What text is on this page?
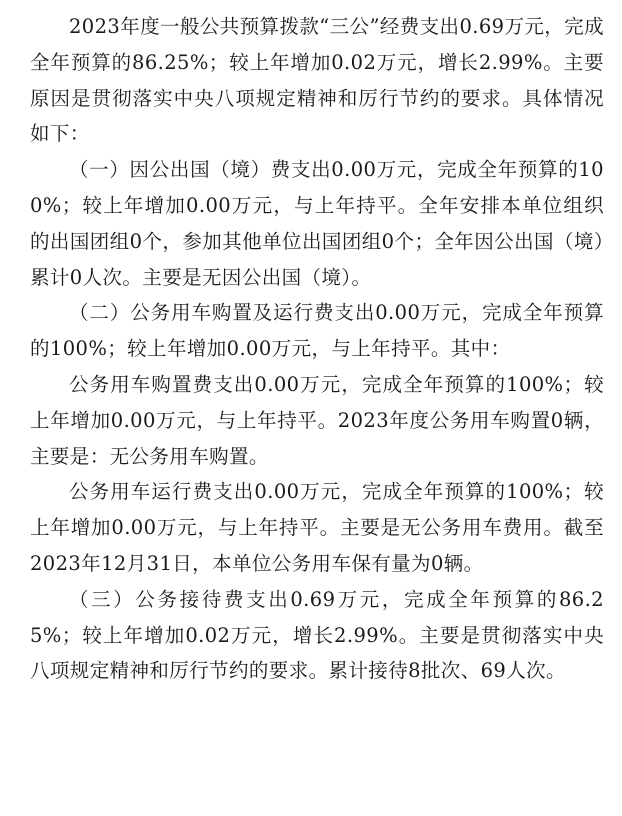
2023年度一般公共预算拨款“三公”经费支出0.69万元，完成全年预算的86.25%；较上年增加0.02万元，增长2.99%。主要原因是贯彻落实中央八项规定精神和厉行节约的要求。具体情况如下：

（一）因公出国（境）费支出0.00万元，完成全年预算的100%；较上年增加0.00万元，与上年持平。全年安排本单位组织的出国团组0个，参加其他单位出国团组0个；全年因公出国（境）累计0人次。主要是无因公出国（境）。

（二）公务用车购置及运行费支出0.00万元，完成全年预算的100%；较上年增加0.00万元，与上年持平。其中：

公务用车购置费支出0.00万元，完成全年预算的100%；较上年增加0.00万元，与上年持平。2023年度公务用车购置0辆，主要是：无公务用车购置。

公务用车运行费支出0.00万元，完成全年预算的100%；较上年增加0.00万元，与上年持平。主要是无公务用车费用。截至2023年12月31日，本单位公务用车保有量为0辆。

（三）公务接待费支出0.69万元，完成全年预算的86.25%；较上年增加0.02万元，增长2.99%。主要是贯彻落实中央八项规定精神和厉行节约的要求。累计接待8批次、69人次。
